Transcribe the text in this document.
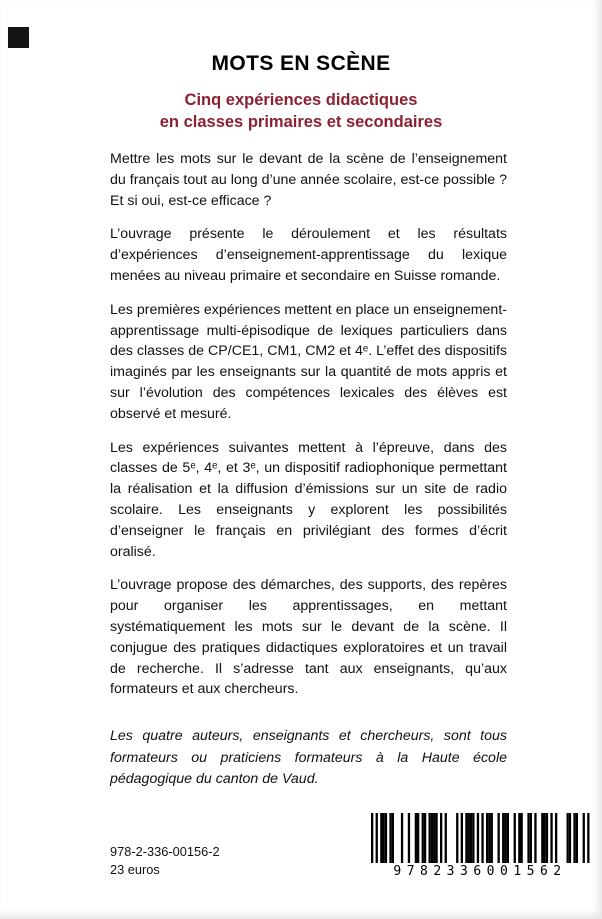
MOTS EN SCÈNE
Cinq expériences didactiques
en classes primaires et secondaires

Mettre les mots sur le devant de la scène de l’enseignement du français tout au long d’une année scolaire, est-ce possible ? Et si oui, est-ce efficace ?

L’ouvrage présente le déroulement et les résultats d’expériences d’enseignement-apprentissage du lexique menées au niveau primaire et secondaire en Suisse romande.

Les premières expériences mettent en place un enseignement-apprentissage multi-épisodique de lexiques particuliers dans des classes de CP/CE1, CM1, CM2 et 4ᵉ. L’effet des dispositifs imaginés par les enseignants sur la quantité de mots appris et sur l’évolution des compétences lexicales des élèves est observé et mesuré.

Les expériences suivantes mettent à l’épreuve, dans des classes de 5ᵉ, 4ᵉ, et 3ᵉ, un dispositif radiophonique permettant la réalisation et la diffusion d’émissions sur un site de radio scolaire. Les enseignants y explorent les possibilités d’enseigner le français en privilégiant des formes d’écrit oralisé.

L’ouvrage propose des démarches, des supports, des repères pour organiser les apprentissages, en mettant systématiquement les mots sur le devant de la scène. Il conjugue des pratiques didactiques exploratoires et un travail de recherche. Il s’adresse tant aux enseignants, qu’aux formateurs et aux chercheurs.

Les quatre auteurs, enseignants et chercheurs, sont tous formateurs ou praticiens formateurs à la Haute école pédagogique du canton de Vaud.

978-2-336-00156-2
23 euros	9782336001562
